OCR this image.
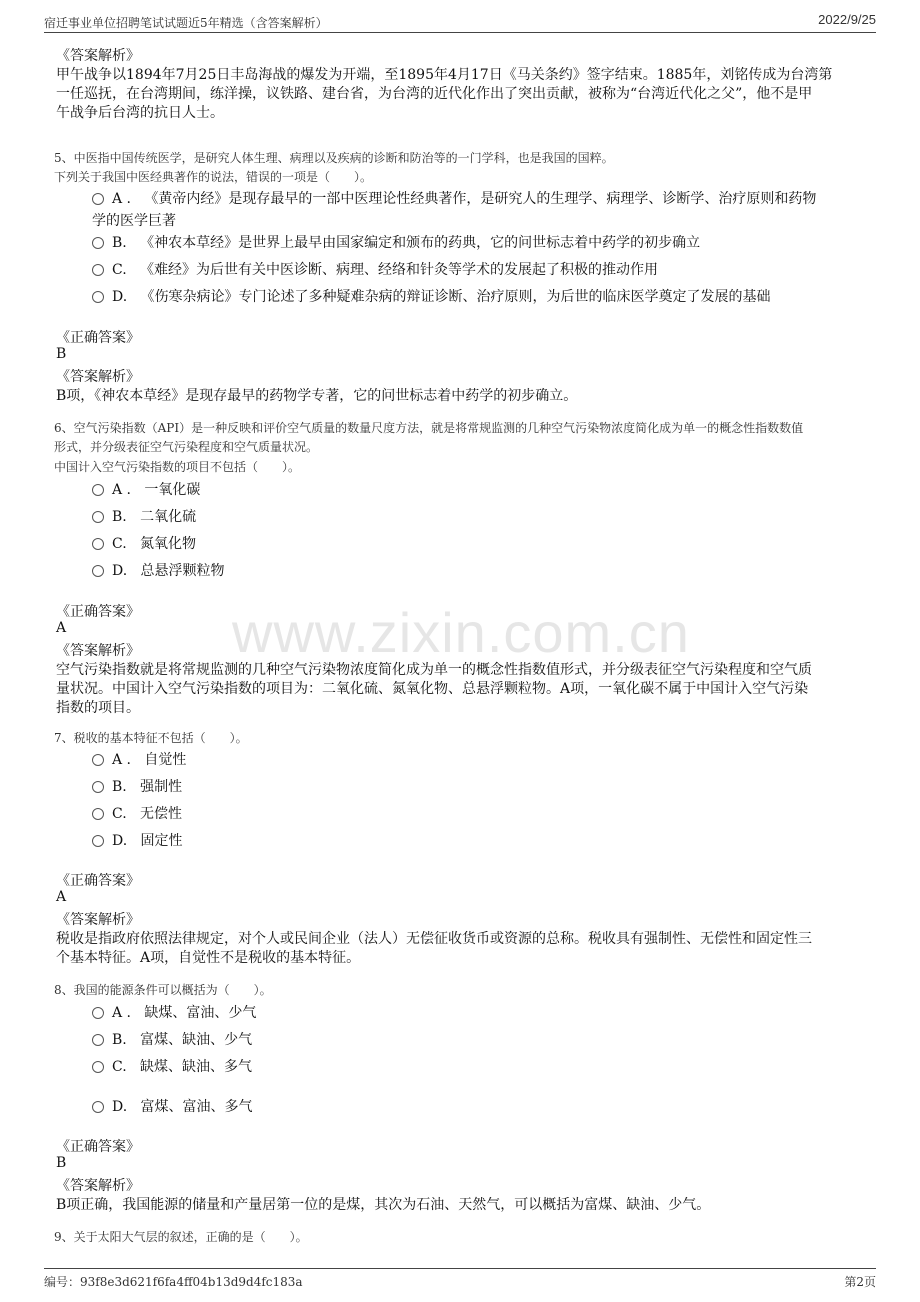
宿迁事业单位招聘笔试试题近5年精选（含答案解析）	2022/9/25
www.zixin.com.cn
《答案解析》
甲午战争以1894年7月25日丰岛海战的爆发为开端，至1895年4月17日《马关条约》签字结束。1885年，刘铭传成为台湾第
一任巡抚，在台湾期间，练洋操，议铁路、建台省，为台湾的近代化作出了突出贡献，被称为“台湾近代化之父”，他不是甲
午战争后台湾的抗日人士。
5、中医指中国传统医学，是研究人体生理、病理以及疾病的诊断和防治等的一门学科，也是我国的国粹。
下列关于我国中医经典著作的说法，错误的一项是（　　）。
A . 《黄帝内经》是现存最早的一部中医理论性经典著作，是研究人的生理学、病理学、诊断学、治疗原则和药物
学的医学巨著
B. 《神农本草经》是世界上最早由国家编定和颁布的药典，它的问世标志着中药学的初步确立
C. 《难经》为后世有关中医诊断、病理、经络和针灸等学术的发展起了积极的推动作用
D. 《伤寒杂病论》专门论述了多种疑难杂病的辩证诊断、治疗原则，为后世的临床医学奠定了发展的基础
《正确答案》
B
《答案解析》
B项，《神农本草经》是现存最早的药物学专著，它的问世标志着中药学的初步确立。
6、空气污染指数（API）是一种反映和评价空气质量的数量尺度方法，就是将常规监测的几种空气污染物浓度简化成为单一的概念性指数数值
形式，并分级表征空气污染程度和空气质量状况。
中国计入空气污染指数的项目不包括（　　）。
A . 一氧化碳
B. 二氧化硫
C. 氮氧化物
D. 总悬浮颗粒物
《正确答案》
A
《答案解析》
空气污染指数就是将常规监测的几种空气污染物浓度简化成为单一的概念性指数值形式，并分级表征空气污染程度和空气质
量状况。中国计入空气污染指数的项目为：二氧化硫、氮氧化物、总悬浮颗粒物。A项，一氧化碳不属于中国计入空气污染
指数的项目。
7、税收的基本特征不包括（　　）。
A . 自觉性
B. 强制性
C. 无偿性
D. 固定性
《正确答案》
A
《答案解析》
税收是指政府依照法律规定，对个人或民间企业（法人）无偿征收货币或资源的总称。税收具有强制性、无偿性和固定性三
个基本特征。A项，自觉性不是税收的基本特征。
8、我国的能源条件可以概括为（　　）。
A . 缺煤、富油、少气
B. 富煤、缺油、少气
C. 缺煤、缺油、多气
D. 富煤、富油、多气
《正确答案》
B
《答案解析》
B项正确，我国能源的储量和产量居第一位的是煤，其次为石油、天然气，可以概括为富煤、缺油、少气。
9、关于太阳大气层的叙述，正确的是（　　）。
编号：93f8e3d621f6fa4ff04b13d9d4fc183a	第2页
